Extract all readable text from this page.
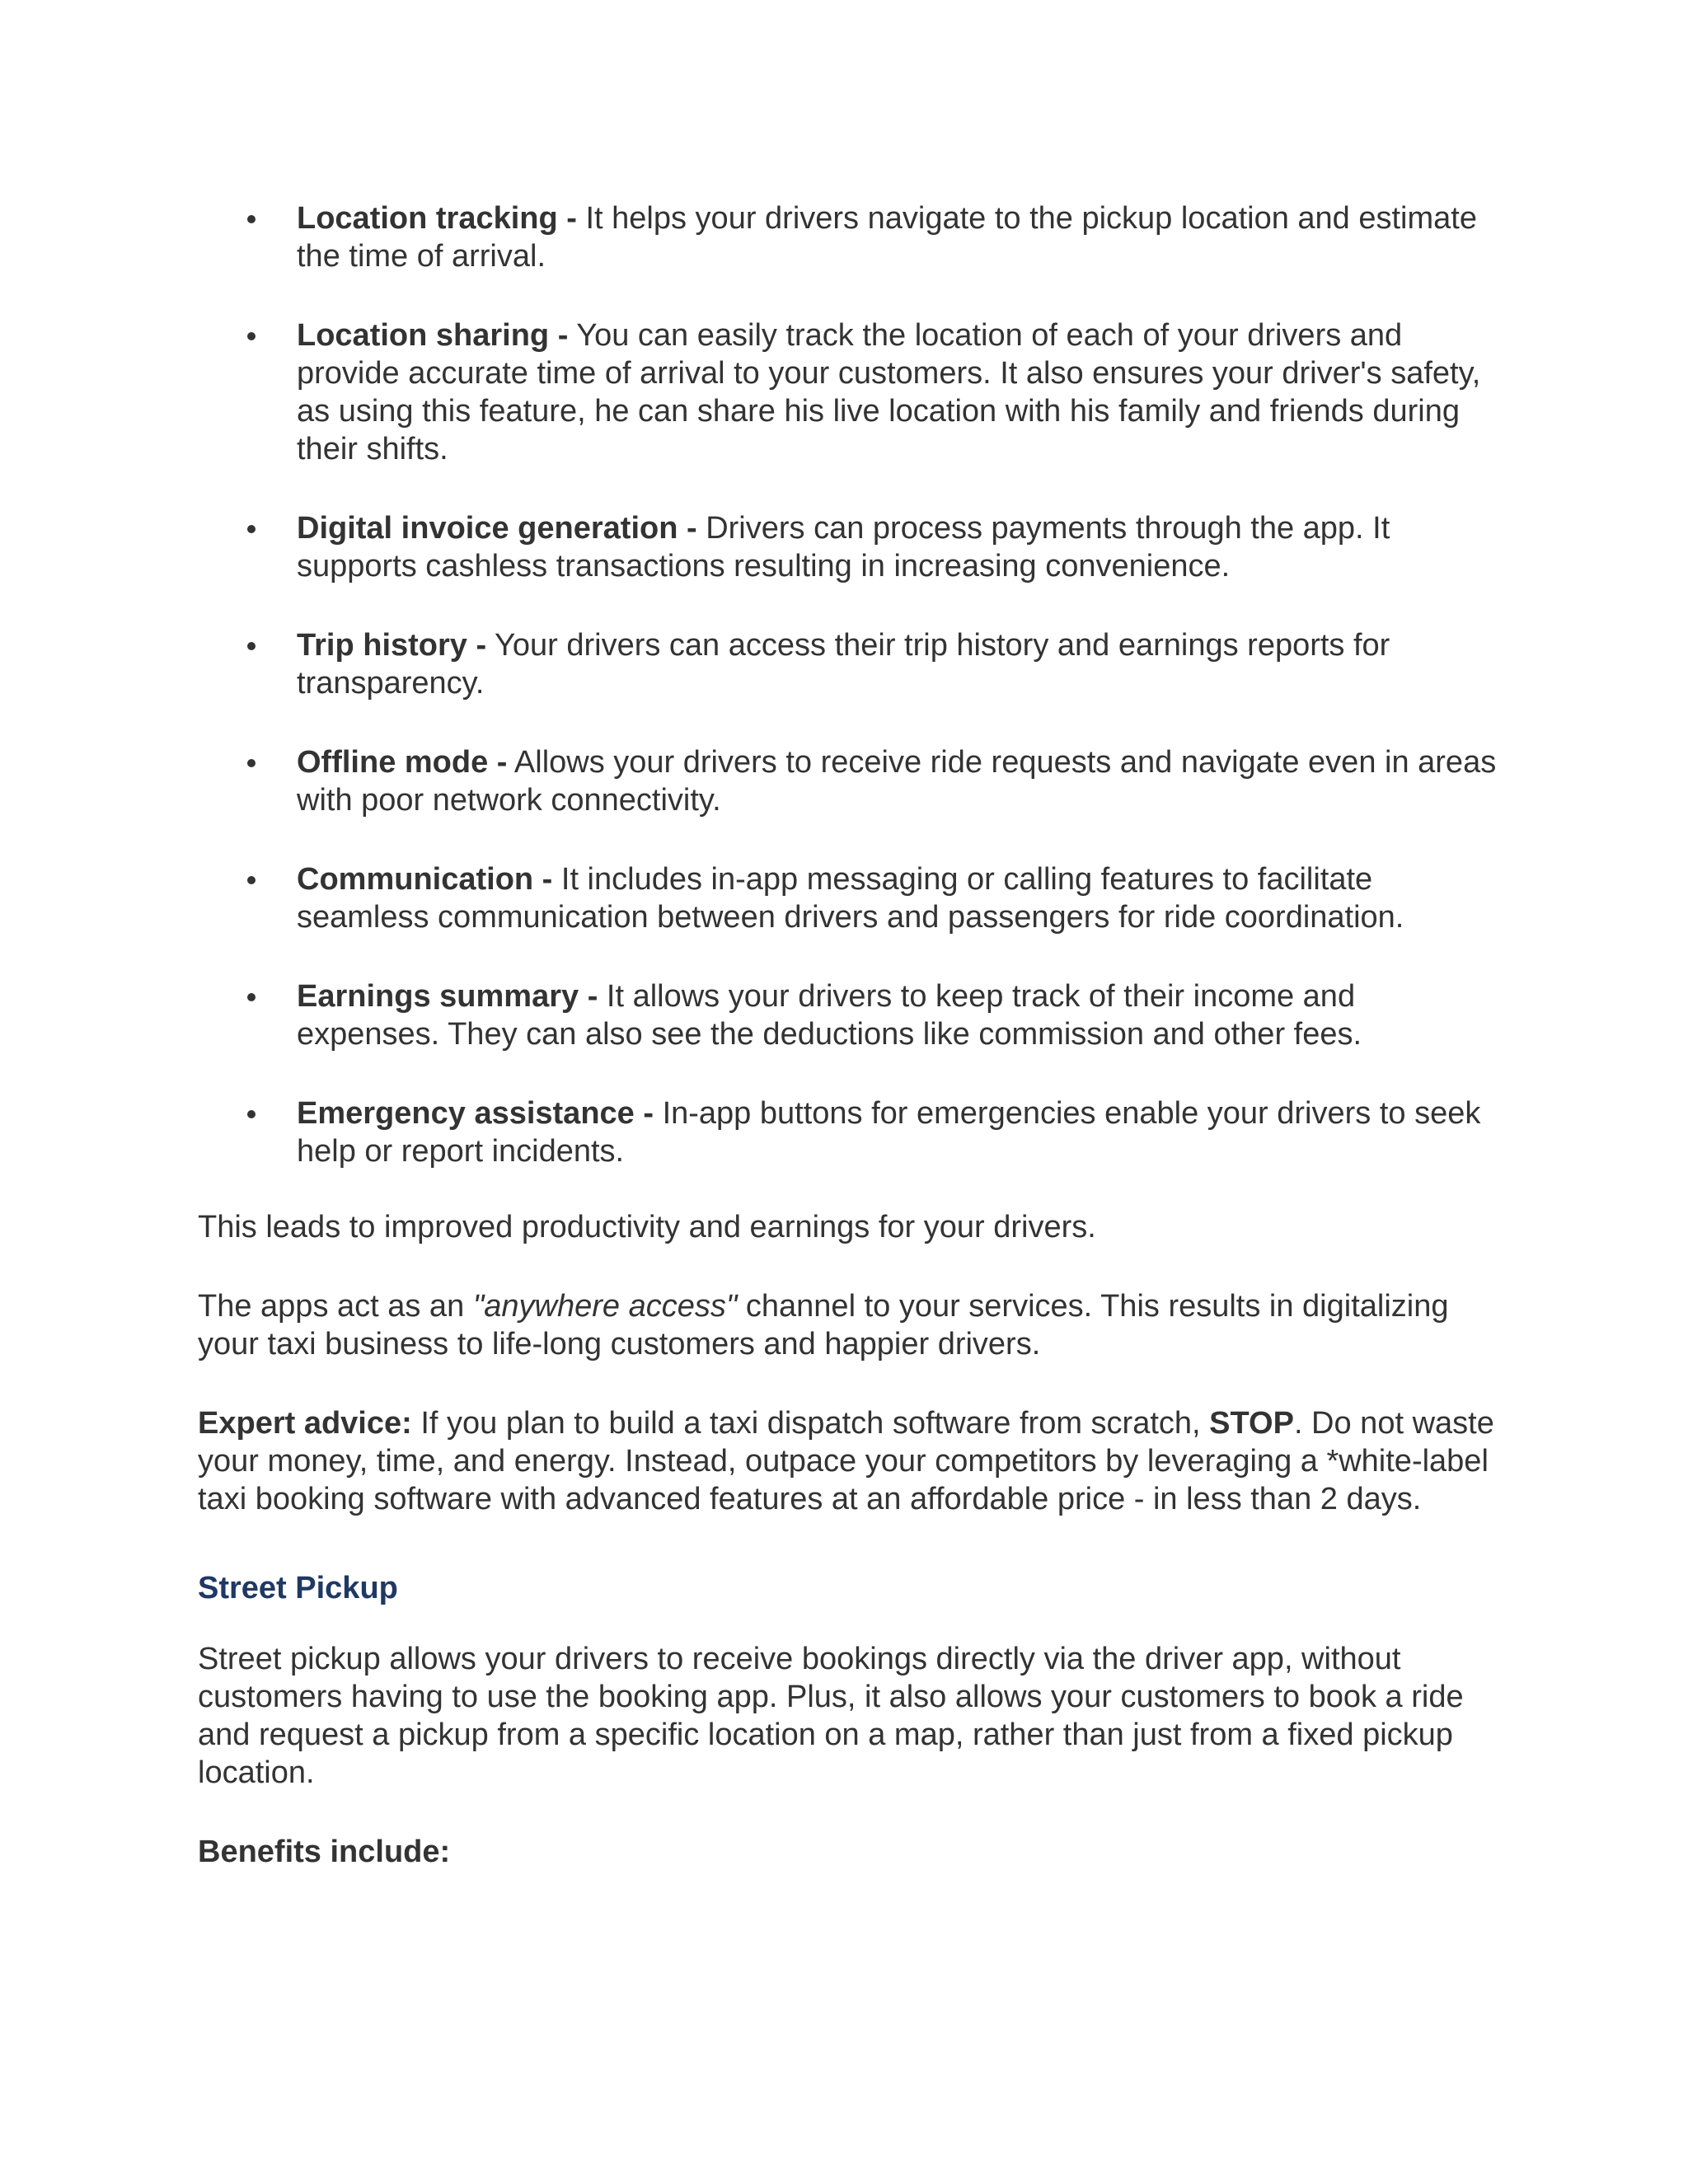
Location tracking - It helps your drivers navigate to the pickup location and estimate the time of arrival.
Location sharing - You can easily track the location of each of your drivers and provide accurate time of arrival to your customers. It also ensures your driver's safety, as using this feature, he can share his live location with his family and friends during their shifts.
Digital invoice generation - Drivers can process payments through the app. It supports cashless transactions resulting in increasing convenience.
Trip history - Your drivers can access their trip history and earnings reports for transparency.
Offline mode - Allows your drivers to receive ride requests and navigate even in areas with poor network connectivity.
Communication - It includes in-app messaging or calling features to facilitate seamless communication between drivers and passengers for ride coordination.
Earnings summary - It allows your drivers to keep track of their income and expenses. They can also see the deductions like commission and other fees.
Emergency assistance - In-app buttons for emergencies enable your drivers to seek help or report incidents.

This leads to improved productivity and earnings for your drivers.

The apps act as an "anywhere access" channel to your services. This results in digitalizing your taxi business to life-long customers and happier drivers.

Expert advice: If you plan to build a taxi dispatch software from scratch, STOP. Do not waste your money, time, and energy. Instead, outpace your competitors by leveraging a *white-label taxi booking software with advanced features at an affordable price - in less than 2 days.

Street Pickup

Street pickup allows your drivers to receive bookings directly via the driver app, without customers having to use the booking app. Plus, it also allows your customers to book a ride and request a pickup from a specific location on a map, rather than just from a fixed pickup location.

Benefits include:
